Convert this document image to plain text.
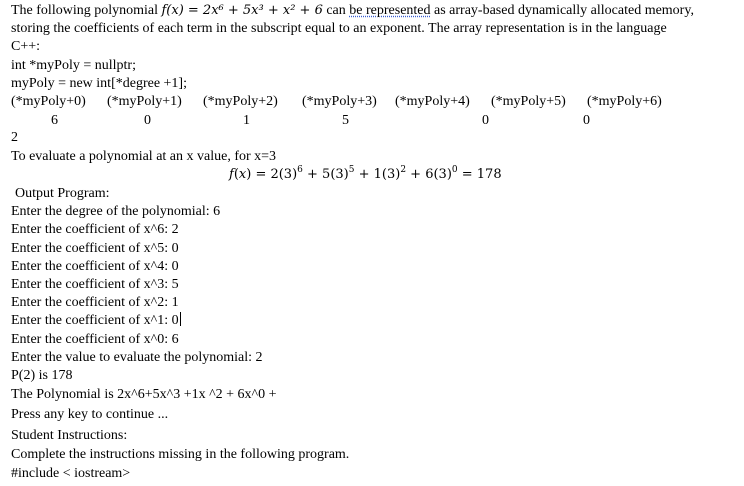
The following polynomial f(x) = 2x⁶ + 5x³ + x² + 6 can be represented as array-based dynamically allocated memory,
storing the coefficients of each term in the subscript equal to an exponent. The array representation is in the language
C++:
int *myPoly = nullptr;
myPoly = new int[*degree +1];
(*myPoly+0) (*myPoly+1) (*myPoly+2) (*myPoly+3) (*myPoly+4) (*myPoly+5) (*myPoly+6)
6	0	1	5	0	0
2
To evaluate a polynomial at an x value, for x=3
$f(x) = 2(3)^6 + 5(3)^5 + 1(3)^2 + 6(3)^0 = 178$
Output Program:
Enter the degree of the polynomial: 6
Enter the coefficient of x^6: 2
Enter the coefficient of x^5: 0
Enter the coefficient of x^4: 0
Enter the coefficient of x^3: 5
Enter the coefficient of x^2: 1
Enter the coefficient of x^1: 0
Enter the coefficient of x^0: 6
Enter the value to evaluate the polynomial: 2
P(2) is 178
The Polynomial is 2x^6+5x^3 +1x ^2 + 6x^0 +
Press any key to continue ...
Student Instructions:
Complete the instructions missing in the following program.
#include < iostream>
